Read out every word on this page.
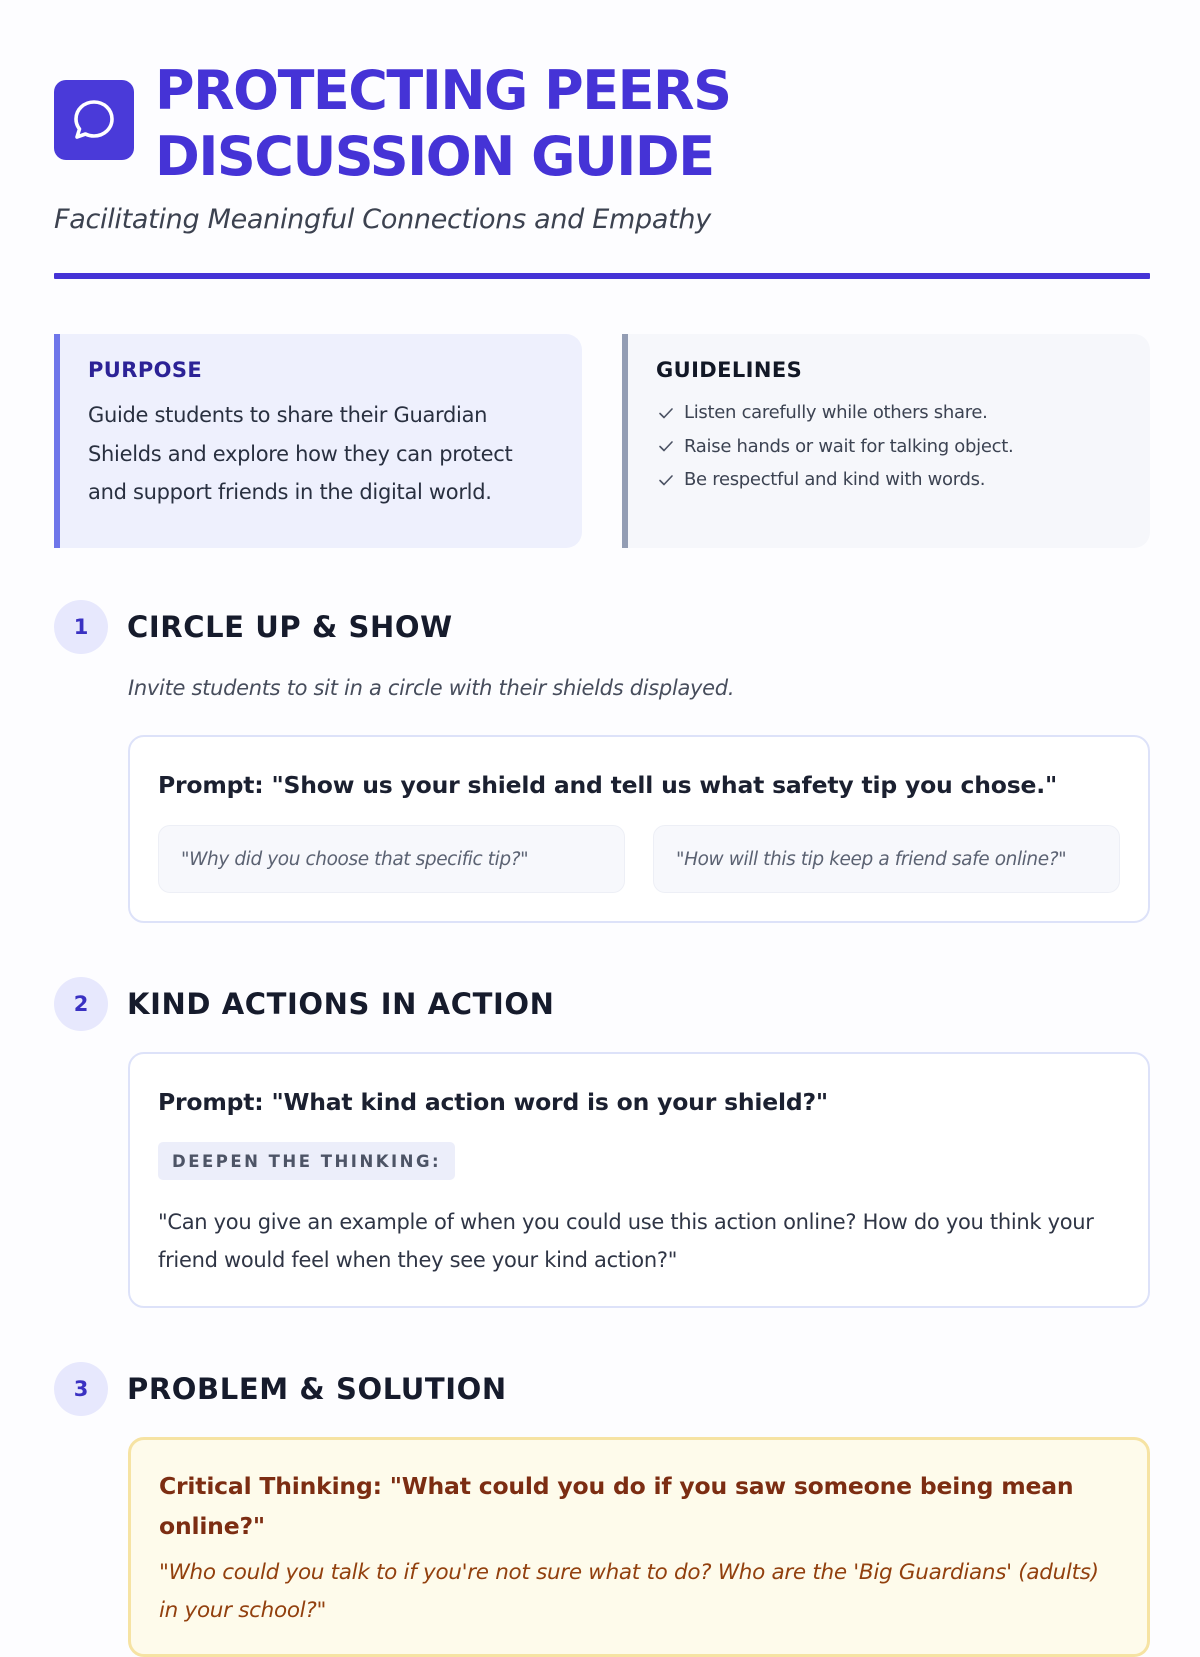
PROTECTING PEERS
DISCUSSION GUIDE

Facilitating Meaningful Connections and Empathy

PURPOSE

Guide students to share their Guardian Shields and explore how they can protect and support friends in the digital world.

GUIDELINES
Listen carefully while others share.
Raise hands or wait for talking object.
Be respectful and kind with words.
1	CIRCLE UP & SHOW

Invite students to sit in a circle with their shields displayed.

Prompt: "Show us your shield and tell us what safety tip you chose."

"Why did you choose that specific tip?"	"How will this tip keep a friend safe online?"
2	KIND ACTIONS IN ACTION

Prompt: "What kind action word is on your shield?"

DEEPEN THE THINKING:

"Can you give an example of when you could use this action online? How do you think your friend would feel when they see your kind action?"

3	PROBLEM & SOLUTION

Critical Thinking: "What could you do if you saw someone being mean online?"

"Who could you talk to if you're not sure what to do? Who are the 'Big Guardians' (adults) in your school?"
